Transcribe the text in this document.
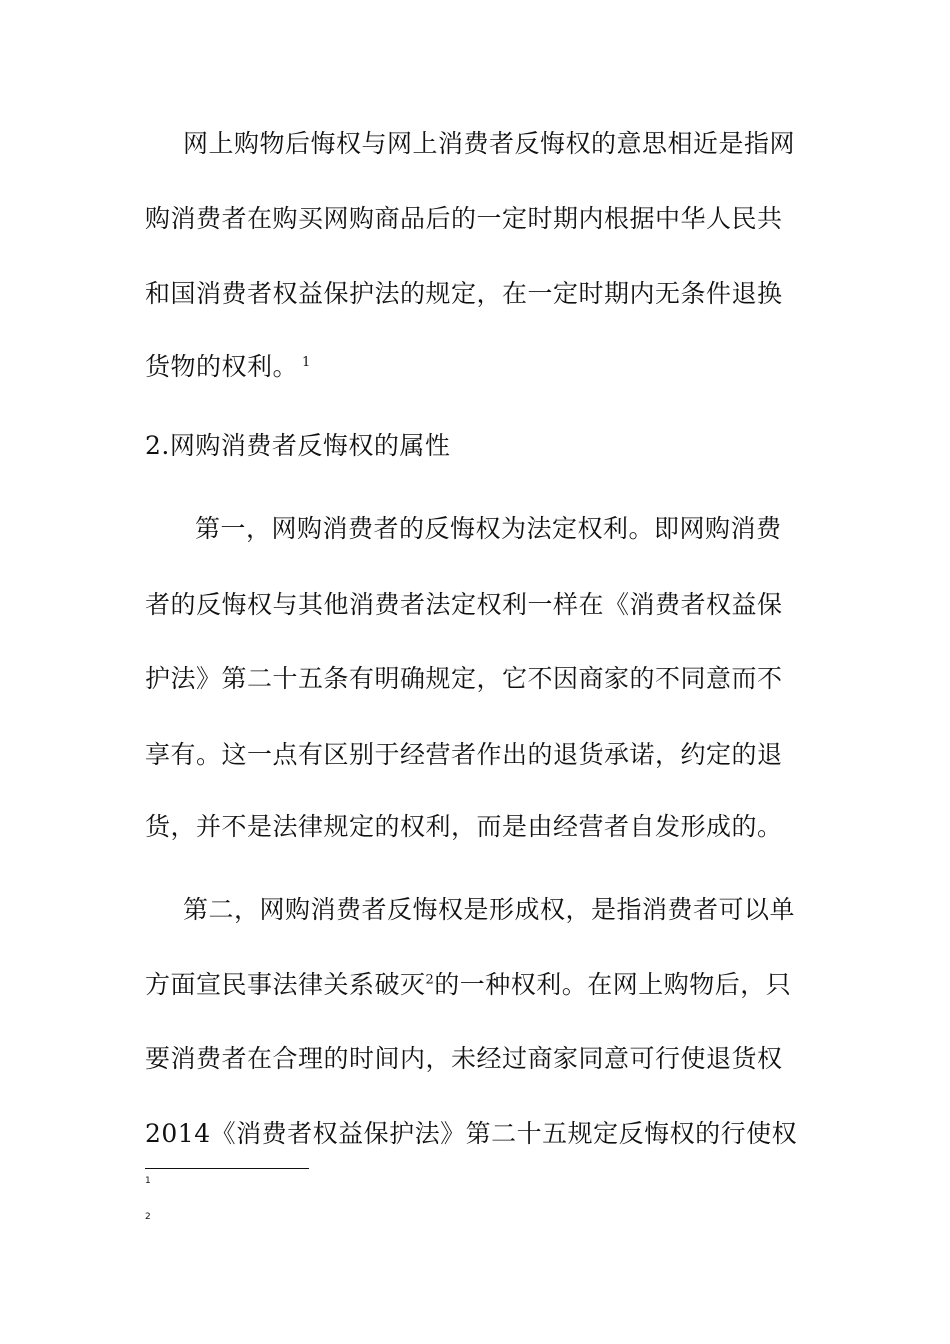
网上购物后悔权与网上消费者反悔权的意思相近是指网
购消费者在购买网购商品后的一定时期内根据中华人民共
和国消费者权益保护法的规定，在一定时期内无条件退换
货物的权利。 $^1$
2.网购消费者反悔权的属性
第一，网购消费者的反悔权为法定权利。即网购消费
者的反悔权与其他消费者法定权利一样在《消费者权益保
护法》第二十五条有明确规定，它不因商家的不同意而不
享有。这一点有区别于经营者作出的退货承诺，约定的退
货，并不是法律规定的权利，而是由经营者自发形成的。
第二，网购消费者反悔权是形成权，是指消费者可以单
方面宣民事法律关系破灭$^2$的一种权利。在网上购物后，只
要消费者在合理的时间内，未经过商家同意可行使退货权
2014《消费者权益保护法》第二十五规定反悔权的行使权
1
2
